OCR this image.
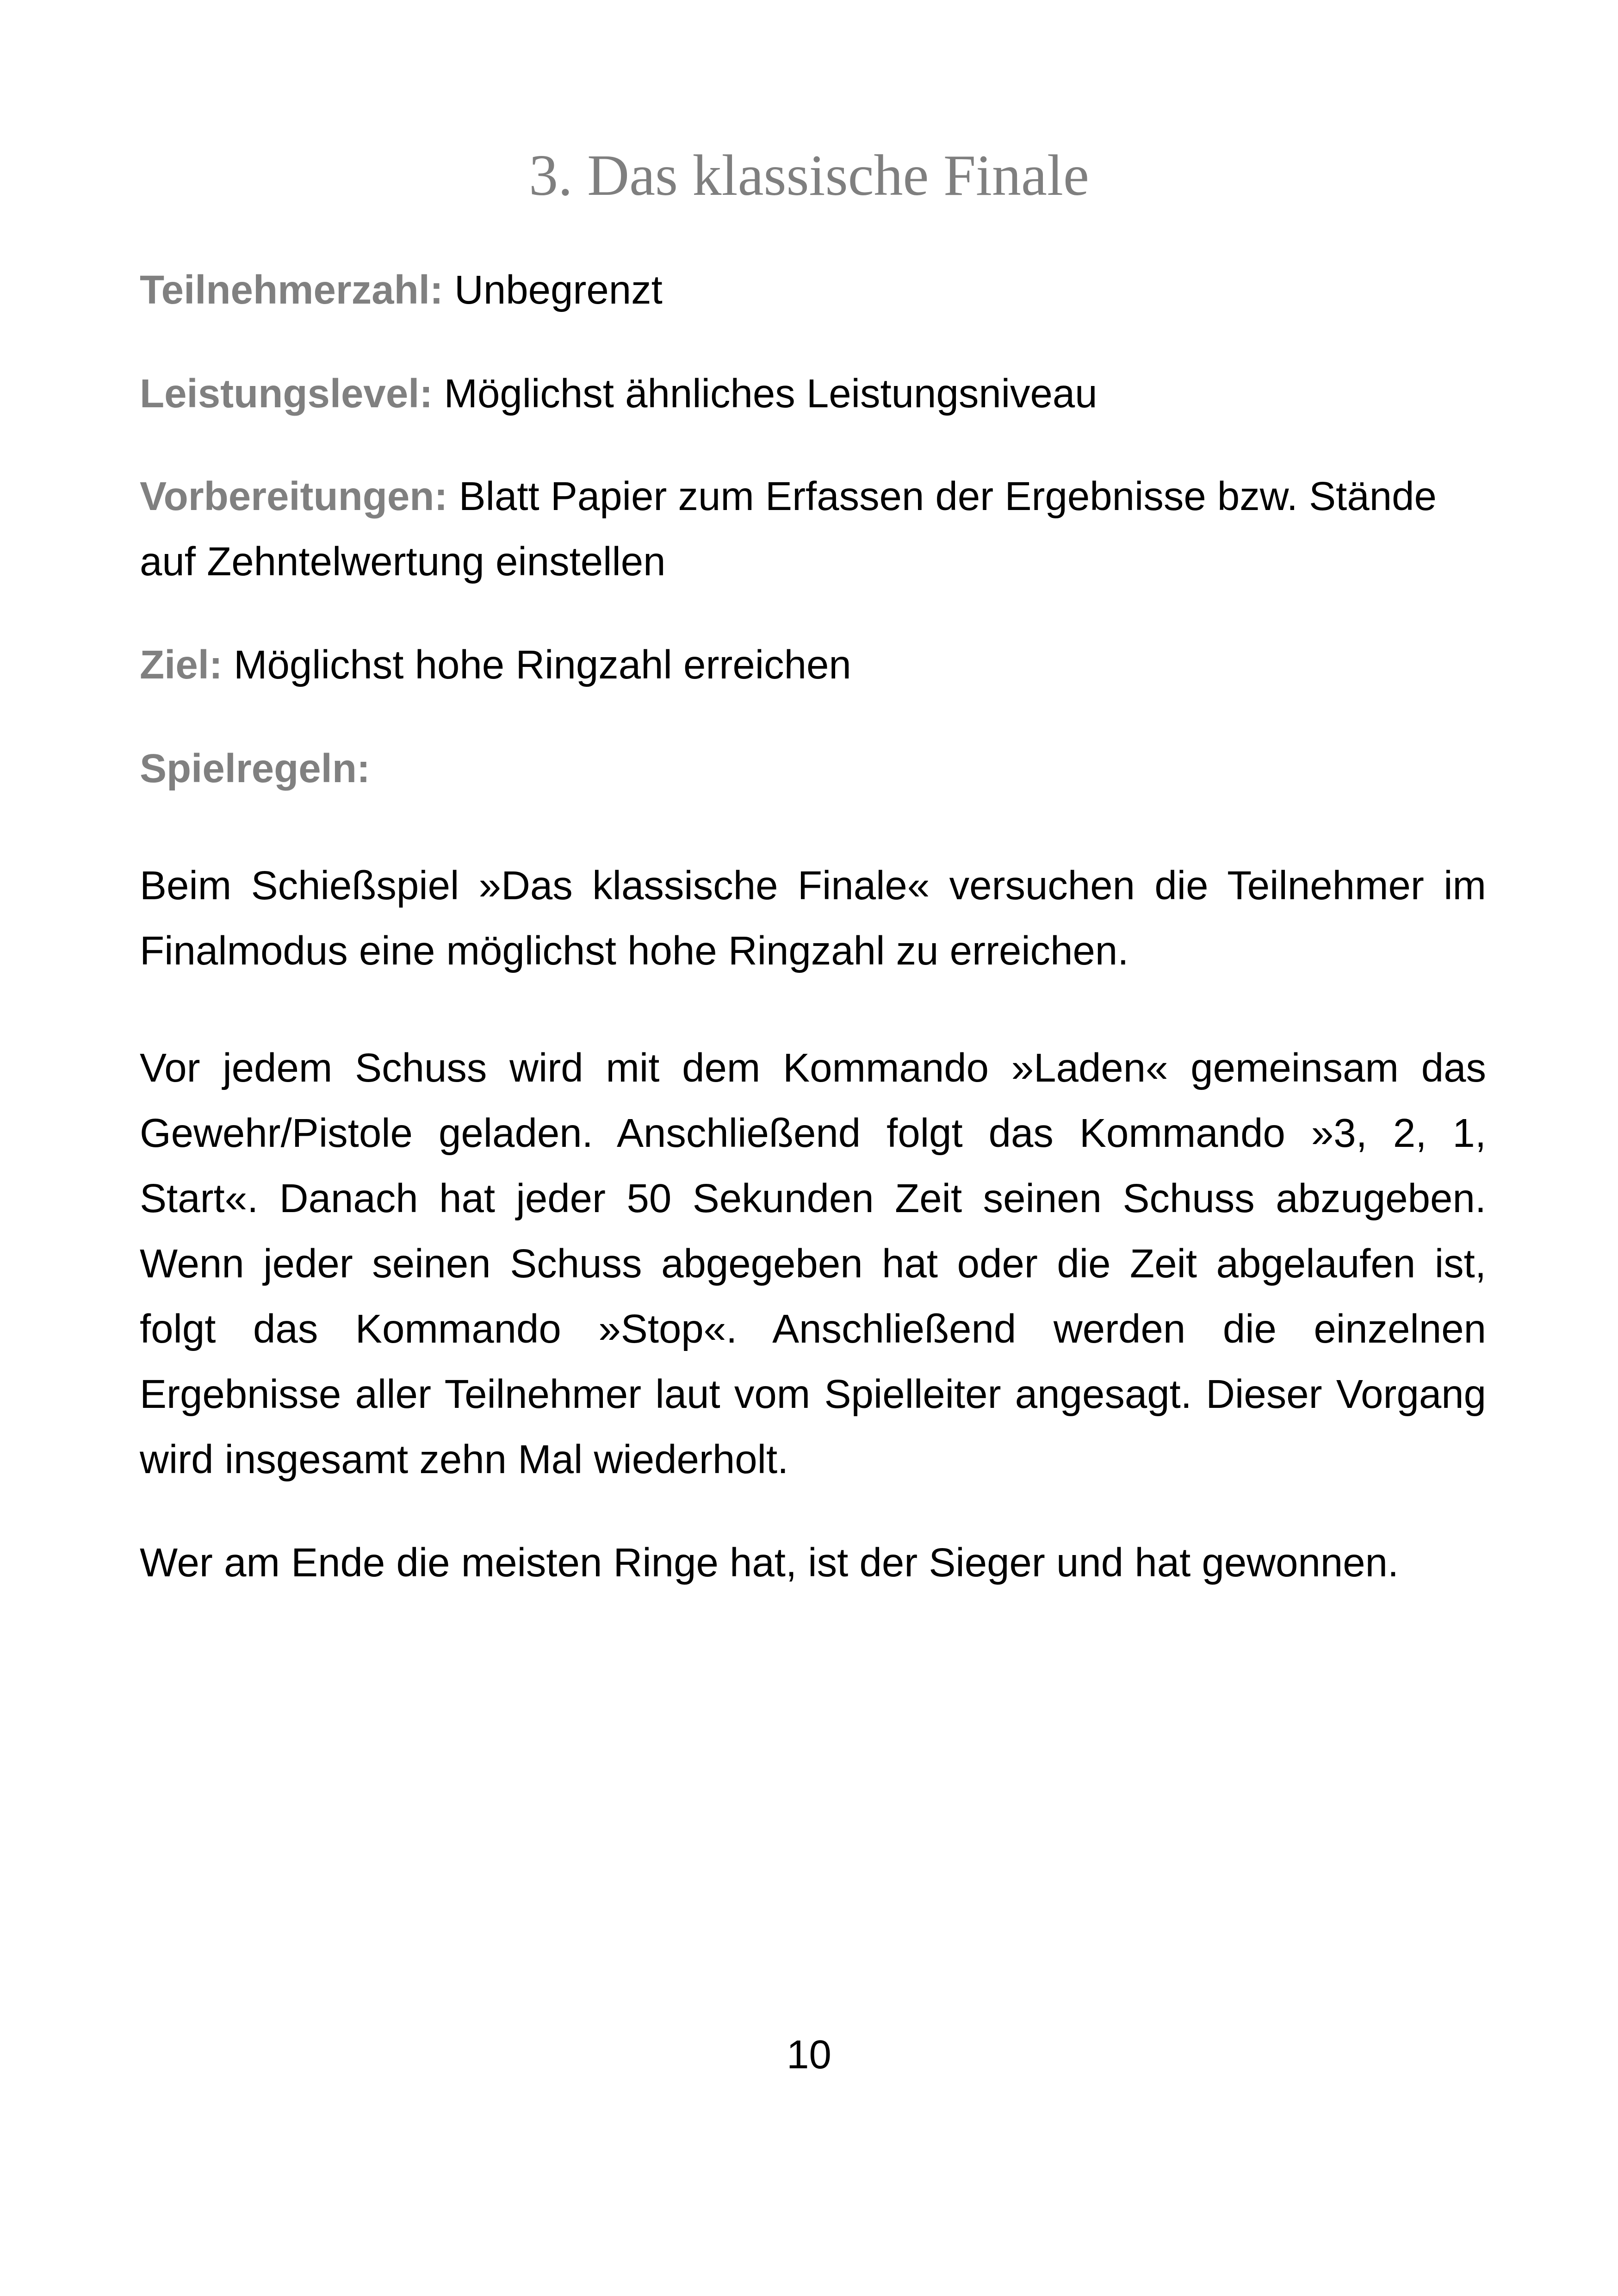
3. Das klassische Finale

Teilnehmerzahl: Unbegrenzt

Leistungslevel: Möglichst ähnliches Leistungsniveau

Vorbereitungen: Blatt Papier zum Erfassen der Ergebnisse bzw. Stände auf Zehntelwertung einstellen

Ziel: Möglichst hohe Ringzahl erreichen

Spielregeln:

Beim Schießspiel »Das klassische Finale« versuchen die Teilnehmer im Finalmodus eine möglichst hohe Ringzahl zu erreichen.

Vor jedem Schuss wird mit dem Kommando »Laden« gemeinsam das Gewehr/Pistole geladen. Anschließend folgt das Kommando »3, 2, 1, Start«. Danach hat jeder 50 Sekunden Zeit seinen Schuss abzugeben. Wenn jeder seinen Schuss abgegeben hat oder die Zeit abgelaufen ist, folgt das Kommando »Stop«. Anschließend werden die einzelnen Ergebnisse aller Teilnehmer laut vom Spielleiter angesagt. Dieser Vorgang wird insgesamt zehn Mal wiederholt.

Wer am Ende die meisten Ringe hat, ist der Sieger und hat gewonnen.

10
